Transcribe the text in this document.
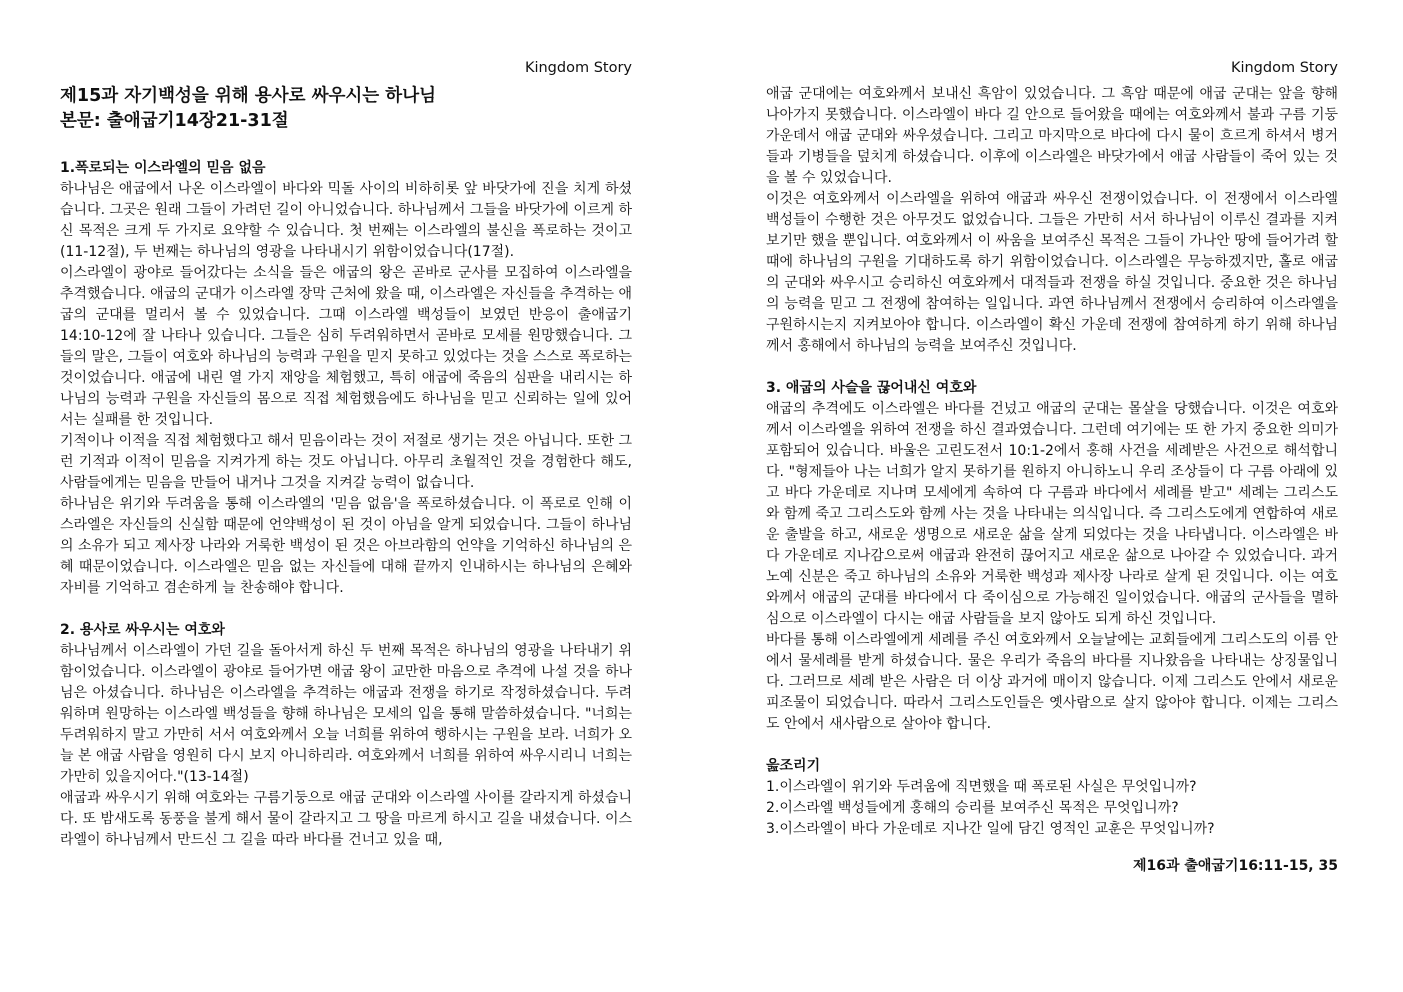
Kingdom Story
제15과 자기백성을 위해 용사로 싸우시는 하나님
본문: 출애굽기14장21-31절

1.폭로되는 이스라엘의 믿음 없음

하나님은 애굽에서 나온 이스라엘이 바다와 믹돌 사이의 비하히롯 앞 바닷가에 진을 치게 하셨습니다. 그곳은 원래 그들이 가려던 길이 아니었습니다. 하나님께서 그들을 바닷가에 이르게 하신 목적은 크게 두 가지로 요약할 수 있습니다. 첫 번째는 이스라엘의 불신을 폭로하는 것이고(11-12절), 두 번째는 하나님의 영광을 나타내시기 위함이었습니다(17절).

이스라엘이 광야로 들어갔다는 소식을 들은 애굽의 왕은 곧바로 군사를 모집하여 이스라엘을 추격했습니다. 애굽의 군대가 이스라엘 장막 근처에 왔을 때, 이스라엘은 자신들을 추격하는 애굽의 군대를 멀리서 볼 수 있었습니다. 그때 이스라엘 백성들이 보였던 반응이 출애굽기 14:10-12에 잘 나타나 있습니다. 그들은 심히 두려워하면서 곧바로 모세를 원망했습니다. 그들의 말은, 그들이 여호와 하나님의 능력과 구원을 믿지 못하고 있었다는 것을 스스로 폭로하는 것이었습니다. 애굽에 내린 열 가지 재앙을 체험했고, 특히 애굽에 죽음의 심판을 내리시는 하나님의 능력과 구원을 자신들의 몸으로 직접 체험했음에도 하나님을 믿고 신뢰하는 일에 있어서는 실패를 한 것입니다.

기적이나 이적을 직접 체험했다고 해서 믿음이라는 것이 저절로 생기는 것은 아닙니다. 또한 그런 기적과 이적이 믿음을 지켜가게 하는 것도 아닙니다. 아무리 초월적인 것을 경험한다 해도, 사람들에게는 믿음을 만들어 내거나 그것을 지켜갈 능력이 없습니다.

하나님은 위기와 두려움을 통해 이스라엘의 '믿음 없음'을 폭로하셨습니다. 이 폭로로 인해 이스라엘은 자신들의 신실함 때문에 언약백성이 된 것이 아님을 알게 되었습니다. 그들이 하나님의 소유가 되고 제사장 나라와 거룩한 백성이 된 것은 아브라함의 언약을 기억하신 하나님의 은혜 때문이었습니다. 이스라엘은 믿음 없는 자신들에 대해 끝까지 인내하시는 하나님의 은혜와 자비를 기억하고 겸손하게 늘 찬송해야 합니다.

2. 용사로 싸우시는 여호와

하나님께서 이스라엘이 가던 길을 돌아서게 하신 두 번째 목적은 하나님의 영광을 나타내기 위함이었습니다. 이스라엘이 광야로 들어가면 애굽 왕이 교만한 마음으로 추격에 나설 것을 하나님은 아셨습니다. 하나님은 이스라엘을 추격하는 애굽과 전쟁을 하기로 작정하셨습니다. 두려워하며 원망하는 이스라엘 백성들을 향해 하나님은 모세의 입을 통해 말씀하셨습니다. "너희는 두려워하지 말고 가만히 서서 여호와께서 오늘 너희를 위하여 행하시는 구원을 보라. 너희가 오늘 본 애굽 사람을 영원히 다시 보지 아니하리라. 여호와께서 너희를 위하여 싸우시리니 너희는 가만히 있을지어다."(13-14절)

애굽과 싸우시기 위해 여호와는 구름기둥으로 애굽 군대와 이스라엘 사이를 갈라지게 하셨습니다. 또 밤새도록 동풍을 불게 해서 물이 갈라지고 그 땅을 마르게 하시고 길을 내셨습니다. 이스라엘이 하나님께서 만드신 그 길을 따라 바다를 건너고 있을 때,

Kingdom Story

애굽 군대에는 여호와께서 보내신 흑암이 있었습니다. 그 흑암 때문에 애굽 군대는 앞을 향해 나아가지 못했습니다. 이스라엘이 바다 길 안으로 들어왔을 때에는 여호와께서 불과 구름 기둥 가운데서 애굽 군대와 싸우셨습니다. 그리고 마지막으로 바다에 다시 물이 흐르게 하셔서 병거들과 기병들을 덮치게 하셨습니다. 이후에 이스라엘은 바닷가에서 애굽 사람들이 죽어 있는 것을 볼 수 있었습니다.

이것은 여호와께서 이스라엘을 위하여 애굽과 싸우신 전쟁이었습니다. 이 전쟁에서 이스라엘 백성들이 수행한 것은 아무것도 없었습니다. 그들은 가만히 서서 하나님이 이루신 결과를 지켜보기만 했을 뿐입니다. 여호와께서 이 싸움을 보여주신 목적은 그들이 가나안 땅에 들어가려 할 때에 하나님의 구원을 기대하도록 하기 위함이었습니다. 이스라엘은 무능하겠지만, 홀로 애굽의 군대와 싸우시고 승리하신 여호와께서 대적들과 전쟁을 하실 것입니다. 중요한 것은 하나님의 능력을 믿고 그 전쟁에 참여하는 일입니다. 과연 하나님께서 전쟁에서 승리하여 이스라엘을 구원하시는지 지켜보아야 합니다. 이스라엘이 확신 가운데 전쟁에 참여하게 하기 위해 하나님께서 홍해에서 하나님의 능력을 보여주신 것입니다.

3. 애굽의 사슬을 끊어내신 여호와

애굽의 추격에도 이스라엘은 바다를 건넜고 애굽의 군대는 몰살을 당했습니다. 이것은 여호와께서 이스라엘을 위하여 전쟁을 하신 결과였습니다. 그런데 여기에는 또 한 가지 중요한 의미가 포함되어 있습니다. 바울은 고린도전서 10:1-2에서 홍해 사건을 세례받은 사건으로 해석합니다. "형제들아 나는 너희가 알지 못하기를 원하지 아니하노니 우리 조상들이 다 구름 아래에 있고 바다 가운데로 지나며 모세에게 속하여 다 구름과 바다에서 세례를 받고" 세례는 그리스도와 함께 죽고 그리스도와 함께 사는 것을 나타내는 의식입니다. 즉 그리스도에게 연합하여 새로운 출발을 하고, 새로운 생명으로 새로운 삶을 살게 되었다는 것을 나타냅니다. 이스라엘은 바다 가운데로 지나감으로써 애굽과 완전히 끊어지고 새로운 삶으로 나아갈 수 있었습니다. 과거 노예 신분은 죽고 하나님의 소유와 거룩한 백성과 제사장 나라로 살게 된 것입니다. 이는 여호와께서 애굽의 군대를 바다에서 다 죽이심으로 가능해진 일이었습니다. 애굽의 군사들을 멸하심으로 이스라엘이 다시는 애굽 사람들을 보지 않아도 되게 하신 것입니다.

바다를 통해 이스라엘에게 세례를 주신 여호와께서 오늘날에는 교회들에게 그리스도의 이름 안에서 물세례를 받게 하셨습니다. 물은 우리가 죽음의 바다를 지나왔음을 나타내는 상징물입니다. 그러므로 세례 받은 사람은 더 이상 과거에 매이지 않습니다. 이제 그리스도 안에서 새로운 피조물이 되었습니다. 따라서 그리스도인들은 옛사람으로 살지 않아야 합니다. 이제는 그리스도 안에서 새사람으로 살아야 합니다.

읊조리기

1.이스라엘이 위기와 두려움에 직면했을 때 폭로된 사실은 무엇입니까?
2.이스라엘 백성들에게 홍해의 승리를 보여주신 목적은 무엇입니까?
3.이스라엘이 바다 가운데로 지나간 일에 담긴 영적인 교훈은 무엇입니까?
제16과 출애굽기16:11-15, 35
